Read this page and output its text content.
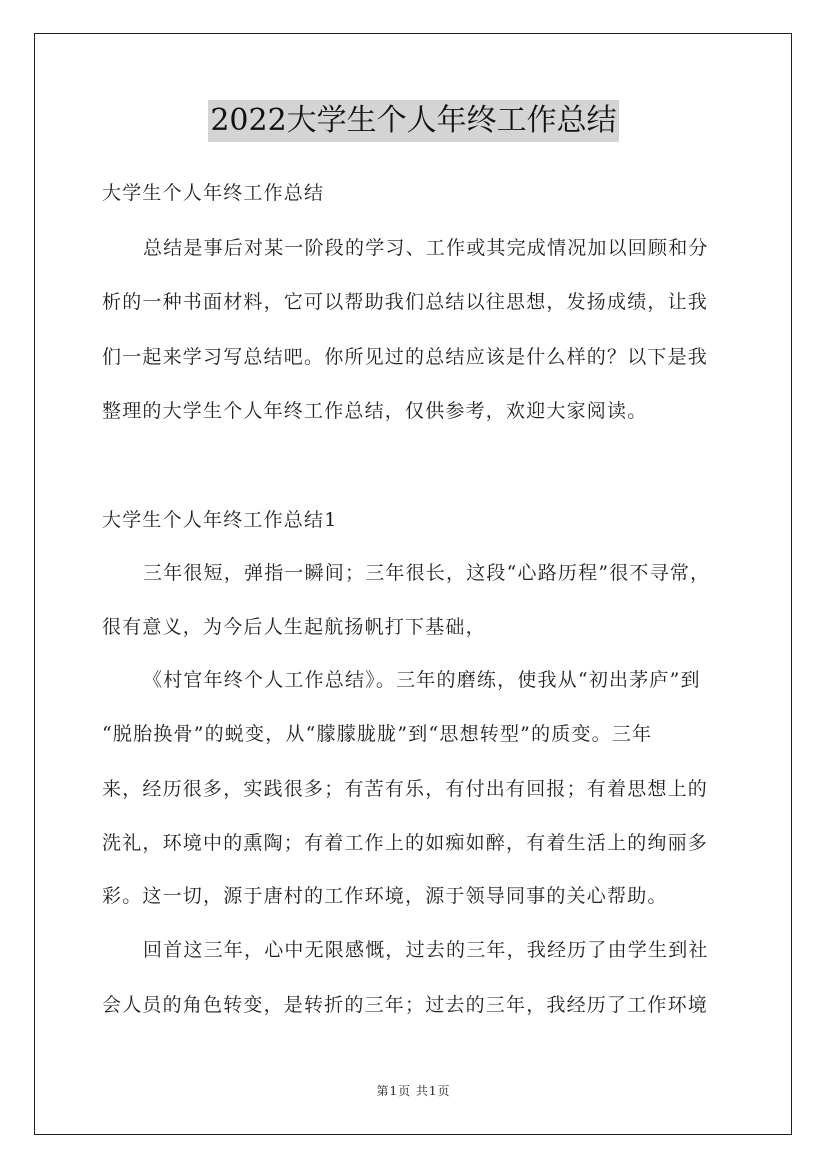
2022大学生个人年终工作总结
大学生个人年终工作总结
总结是事后对某一阶段的学习、工作或其完成情况加以回顾和分
析的一种书面材料，它可以帮助我们总结以往思想，发扬成绩，让我
们一起来学习写总结吧。你所见过的总结应该是什么样的？以下是我
整理的大学生个人年终工作总结，仅供参考，欢迎大家阅读。
大学生个人年终工作总结1
三年很短，弹指一瞬间；三年很长，这段“心路历程”很不寻常，
很有意义，为今后人生起航扬帆打下基础，
《村官年终个人工作总结》。三年的磨练，使我从“初出茅庐”到
“脱胎换骨”的蜕变，从“朦朦胧胧”到“思想转型”的质变。三年
来，经历很多，实践很多；有苦有乐，有付出有回报；有着思想上的
洗礼，环境中的熏陶；有着工作上的如痴如醉，有着生活上的绚丽多
彩。这一切，源于唐村的工作环境，源于领导同事的关心帮助。
回首这三年，心中无限感慨，过去的三年，我经历了由学生到社
会人员的角色转变，是转折的三年；过去的三年，我经历了工作环境
第1页 共1页
